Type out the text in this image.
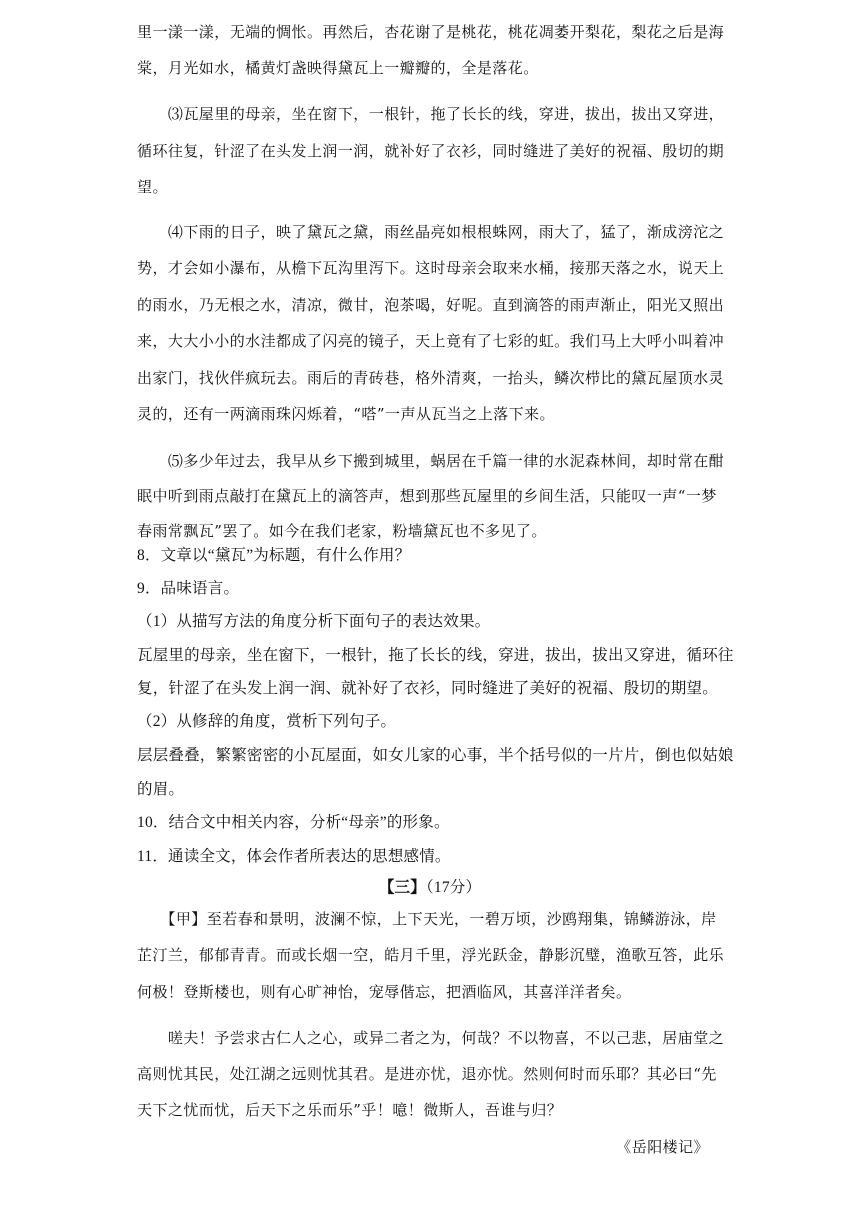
里一漾一漾，无端的惆怅。再然后，杏花谢了是桃花，桃花凋萎开梨花，梨花之后是海
棠，月光如水，橘黄灯盏映得黛瓦上一瓣瓣的，全是落花。
　　⑶瓦屋里的母亲，坐在窗下，一根针，拖了长长的线，穿进，拔出，拔出又穿进，
循环往复，针涩了在头发上润一润，就补好了衣衫，同时缝进了美好的祝福、殷切的期
望。
　　⑷下雨的日子，映了黛瓦之黛，雨丝晶亮如根根蛛网，雨大了，猛了，渐成滂沱之
势，才会如小瀑布，从檐下瓦沟里泻下。这时母亲会取来水桶，接那天落之水，说天上
的雨水，乃无根之水，清凉，微甘，泡茶喝，好呢。直到滴答的雨声渐止，阳光又照出
来，大大小小的水洼都成了闪亮的镜子，天上竟有了七彩的虹。我们马上大呼小叫着冲
出家门，找伙伴疯玩去。雨后的青砖巷，格外清爽，一抬头，鳞次栉比的黛瓦屋顶水灵
灵的，还有一两滴雨珠闪烁着，“嗒”一声从瓦当之上落下来。
　　⑸多少年过去，我早从乡下搬到城里，蜗居在千篇一律的水泥森林间，却时常在酣
眠中听到雨点敲打在黛瓦上的滴答声，想到那些瓦屋里的乡间生活，只能叹一声“一梦
春雨常飘瓦”罢了。如今在我们老家，粉墙黛瓦也不多见了。
8．文章以“黛瓦”为标题，有什么作用？
9．品味语言。
（1）从描写方法的角度分析下面句子的表达效果。
瓦屋里的母亲，坐在窗下，一根针，拖了长长的线，穿进，拔出，拔出又穿进，循环往
复，针涩了在头发上润一润、就补好了衣衫，同时缝进了美好的祝福、殷切的期望。
（2）从修辞的角度，赏析下列句子。
层层叠叠，繁繁密密的小瓦屋面，如女儿家的心事，半个括号似的一片片，倒也似姑娘
的眉。
10．结合文中相关内容，分析“母亲”的形象。
11．通读全文，体会作者所表达的思想感情。
【三】（17分）
　　【甲】至若春和景明，波澜不惊，上下天光，一碧万顷，沙鸥翔集，锦鳞游泳，岸
芷汀兰，郁郁青青。而或长烟一空，皓月千里，浮光跃金，静影沉璧，渔歌互答，此乐
何极！登斯楼也，则有心旷神怡，宠辱偕忘，把酒临风，其喜洋洋者矣。
　　嗟夫！予尝求古仁人之心，或异二者之为，何哉？不以物喜，不以己悲，居庙堂之
高则忧其民，处江湖之远则忧其君。是进亦忧，退亦忧。然则何时而乐耶？其必曰“先
天下之忧而忧，后天下之乐而乐”乎！噫！微斯人，吾谁与归？
《岳阳楼记》
